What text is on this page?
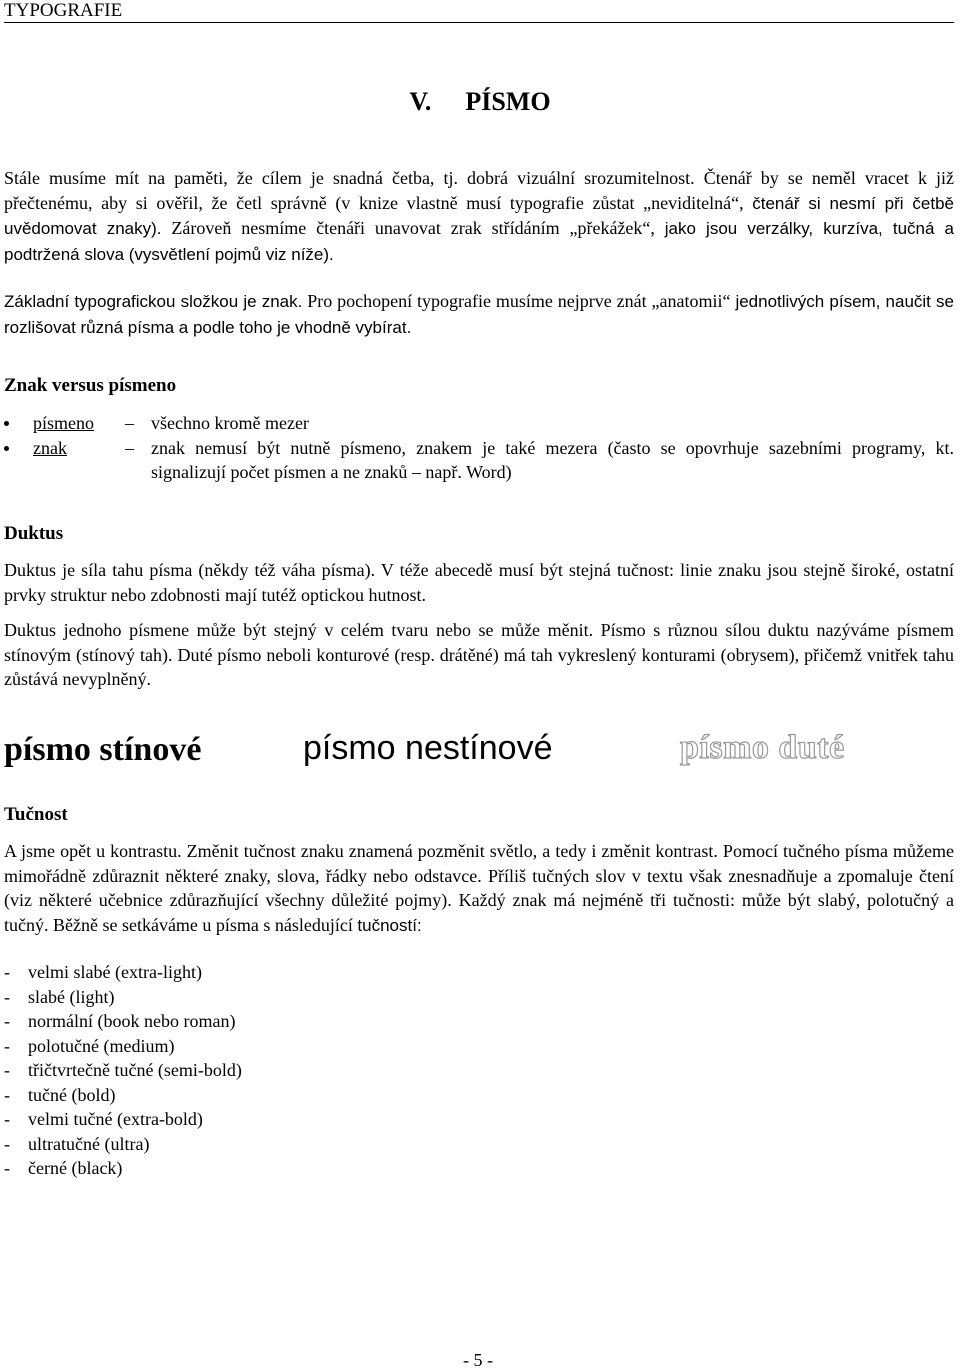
TYPOGRAFIE
V. PÍSMO

Stále musíme mít na paměti, že cílem je snadná četba, tj. dobrá vizuální srozumitelnost. Čtenář by se neměl vracet k již přečtenému, aby si ověřil, že četl správně (v knize vlastně musí typografie zůstat „neviditelná“, čtenář si nesmí při četbě uvědomovat znaky). Zároveň nesmíme čtenáři unavovat zrak střídáním „překážek“, jako jsou verzálky, kurzíva, tučná a podtržená slova (vysvětlení pojmů viz níže).

Základní typografickou složkou je znak. Pro pochopení typografie musíme nejprve znát „anatomii“ jednotlivých písem, naučit se rozlišovat různá písma a podle toho je vhodně vybírat.

Znak versus písmeno
písmeno – všechno kromě mezer
znak	– znak nemusí být nutně písmeno, znakem je také mezera (často se opovrhuje sazebními programy, kt. signalizují počet písmen a ne znaků – např. Word)
Duktus

Duktus je síla tahu písma (někdy též váha písma). V téže abecedě musí být stejná tučnost: linie znaku jsou stejně široké, ostatní prvky struktur nebo zdobnosti mají tutéž optickou hutnost.

Duktus jednoho písmene může být stejný v celém tvaru nebo se může měnit. Písmo s různou sílou duktu nazýváme písmem stínovým (stínový tah). Duté písmo neboli konturové (resp. drátěné) má tah vykreslený konturami (obrysem), přičemž vnitřek tahu zůstává nevyplněný.

písmo stínové	písmo nestínové	písmo duté
Tučnost

A jsme opět u kontrastu. Změnit tučnost znaku znamená pozměnit světlo, a tedy i změnit kontrast. Pomocí tučného písma můžeme mimořádně zdůraznit některé znaky, slova, řádky nebo odstavce. Příliš tučných slov v textu však znesnadňuje a zpomaluje čtení (viz některé učebnice zdůrazňující všechny důležité pojmy). Každý znak má nejméně tři tučnosti: může být slabý, polotučný a tučný. Běžně se setkáváme u písma s následující tučností:

- velmi slabé (extra-light)
- slabé (light)
- normální (book nebo roman)
- polotučné (medium)
- třičtvrtečně tučné (semi-bold)
- tučné (bold)
- velmi tučné (extra-bold)
- ultratučné (ultra)
- černé (black)
- 5 -
